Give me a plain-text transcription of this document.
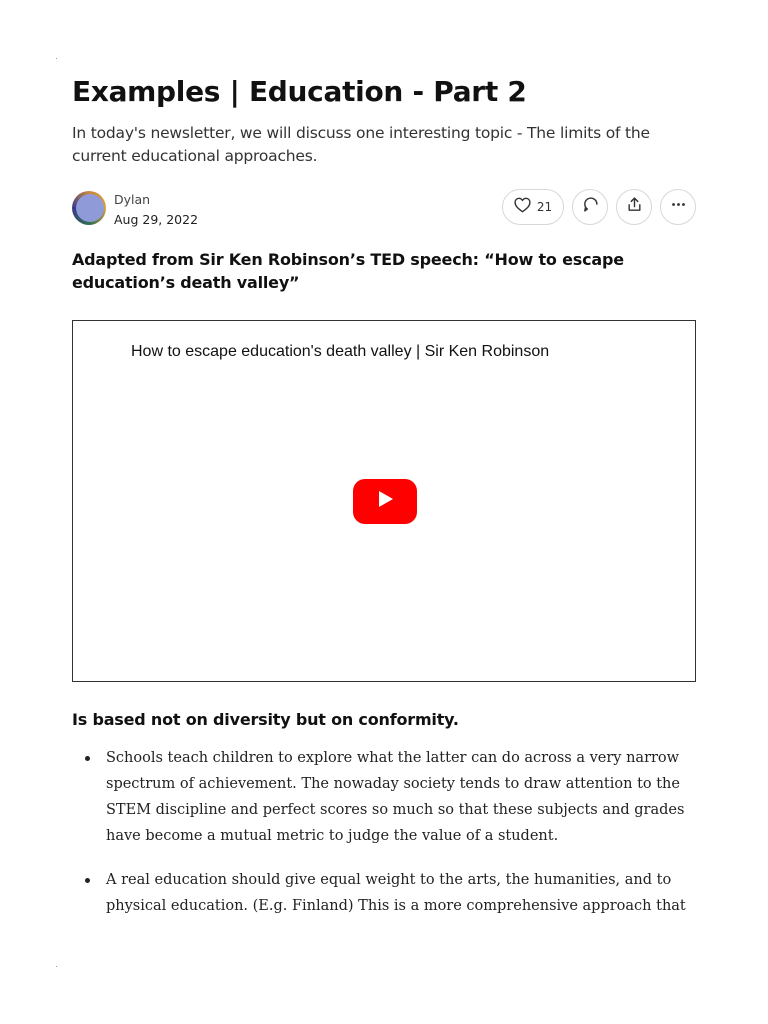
Examples | Education - Part 2

In today's newsletter, we will discuss one interesting topic - The limits of the current educational approaches.

Dylan
Aug 29, 2022
21
Adapted from Sir Ken Robinson’s TED speech: “How to escape education’s death valley”
How to escape education's death valley | Sir Ken Robinson
Is based not on diversity but on conformity.
Schools teach children to explore what the latter can do across a very narrow spectrum of achievement. The nowaday society tends to draw attention to the STEM discipline and perfect scores so much so that these subjects and grades have become a mutual metric to judge the value of a student.
A real education should give equal weight to the arts, the humanities, and to physical education. (E.g. Finland) This is a more comprehensive approach that
